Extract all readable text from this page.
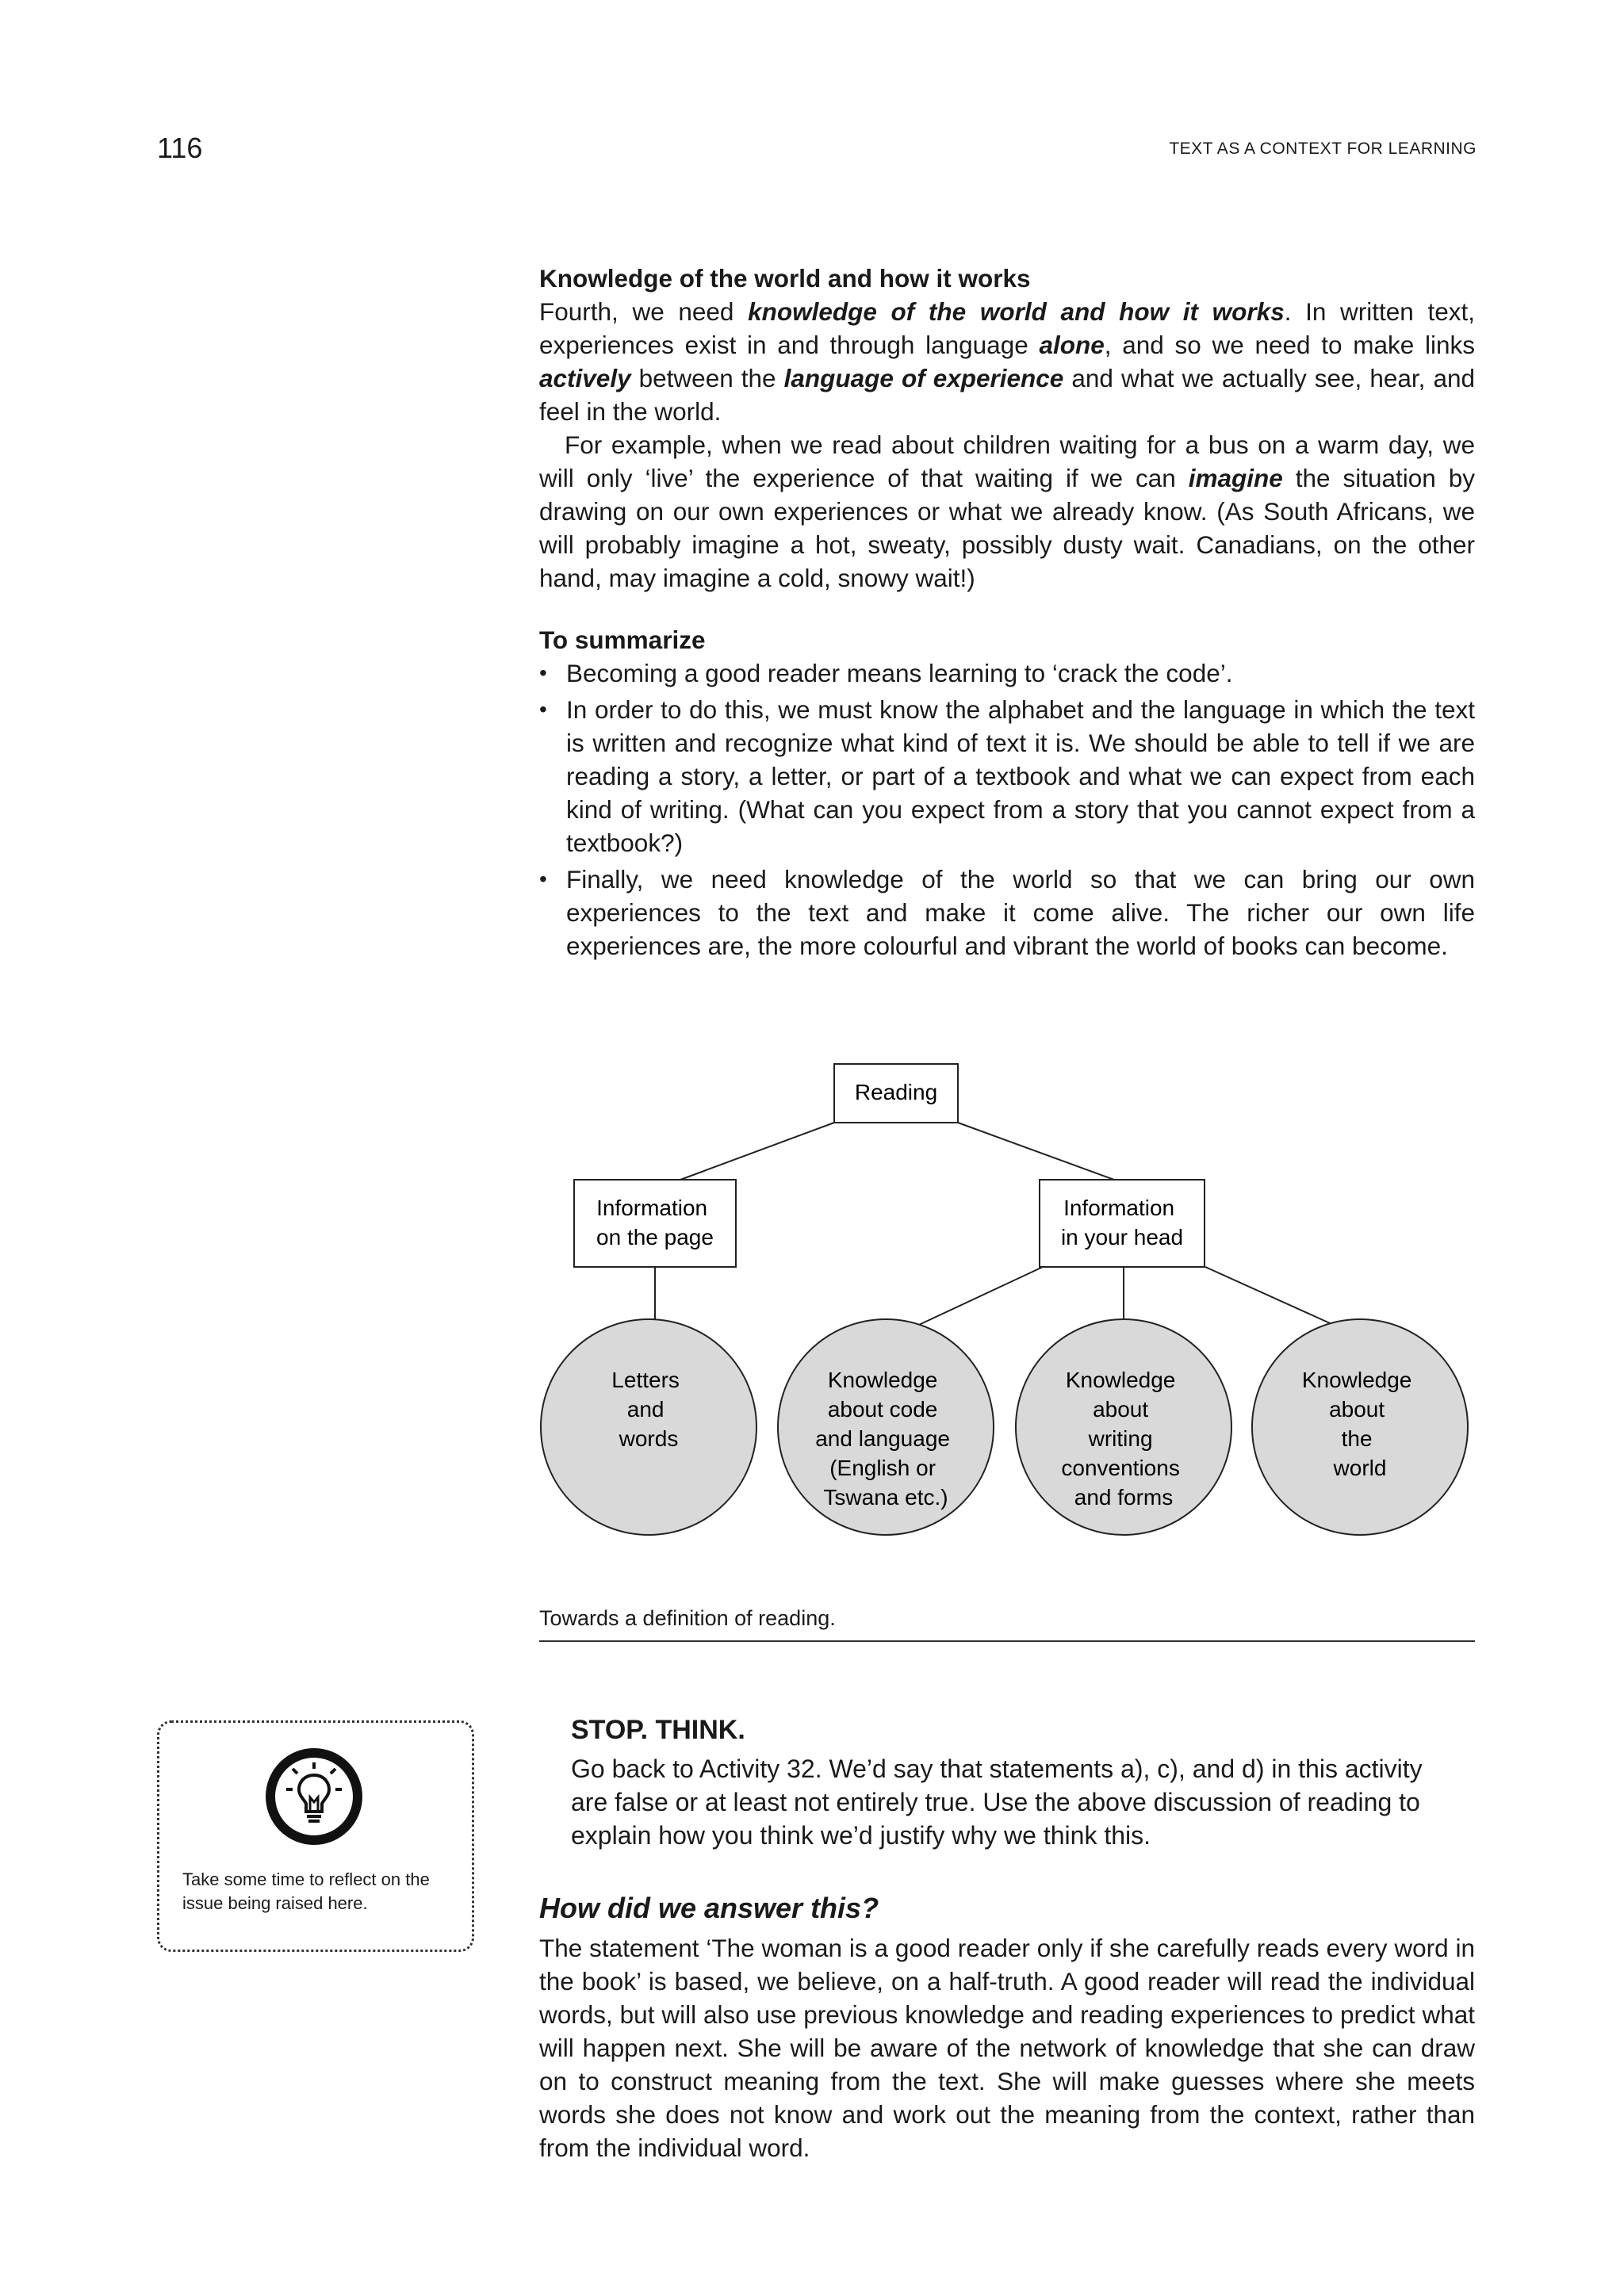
116	TEXT AS A CONTEXT FOR LEARNING
Knowledge of the world and how it works

Fourth, we need knowledge of the world and how it works. In written text, experiences exist in and through language alone, and so we need to make links actively between the language of experience and what we actually see, hear, and feel in the world.

For example, when we read about children waiting for a bus on a warm day, we will only ‘live’ the experience of that waiting if we can imagine the situation by drawing on our own experiences or what we already know. (As South Africans, we will probably imagine a hot, sweaty, possibly dusty wait. Canadians, on the other hand, may imagine a cold, snowy wait!)

To summarize
• Becoming a good reader means learning to ‘crack the code’.
• In order to do this, we must know the alphabet and the language in which the text is written and recognize what kind of text it is. We should be able to tell if we are reading a story, a letter, or part of a textbook and what we can expect from each kind of writing. (What can you expect from a story that you cannot expect from a textbook?)
• Finally, we need knowledge of the world so that we can bring our own experiences to the text and make it come alive. The richer our own life experiences are, the more colourful and vibrant the world of books can become.
Reading
Information on the page
Information in your head
Letters and words
Knowledge about code and language (English or Tswana etc.)
Knowledge about writing conventions and forms
Knowledge about the world
Towards a definition of reading.
Take some time to reflect on the issue being raised here.
STOP. THINK.

Go back to Activity 32. We’d say that statements a), c), and d) in this activity are false or at least not entirely true. Use the above discussion of reading to explain how you think we’d justify why we think this.

How did we answer this?

The statement ‘The woman is a good reader only if she carefully reads every word in the book’ is based, we believe, on a half-truth. A good reader will read the individual words, but will also use previous knowledge and reading experiences to predict what will happen next. She will be aware of the network of knowledge that she can draw on to construct meaning from the text. She will make guesses where she meets words she does not know and work out the meaning from the context, rather than from the individual word.
